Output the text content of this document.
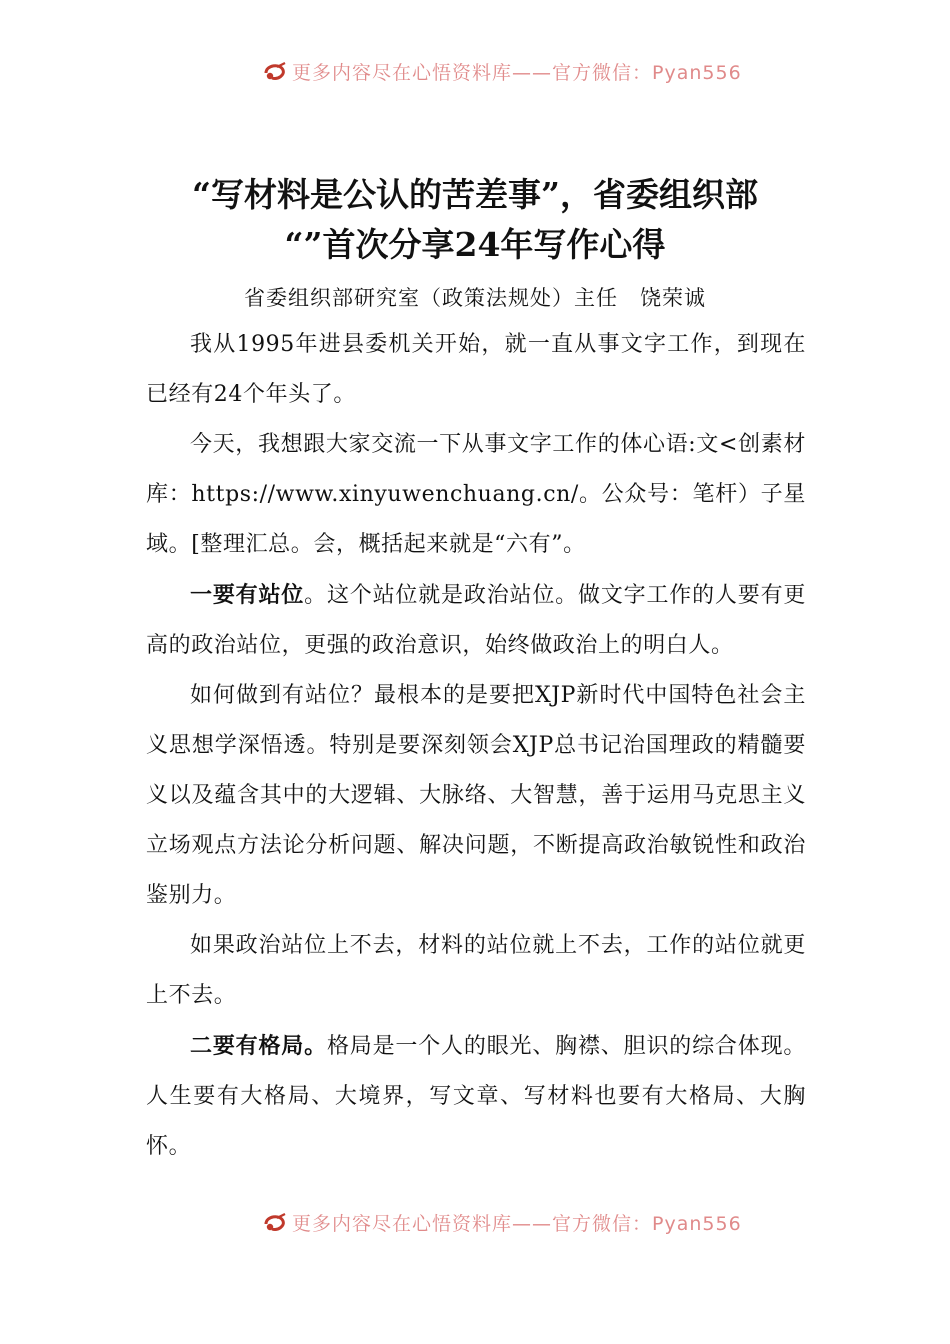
更多内容尽在心悟资料库——官方微信：Pyan556
“写材料是公认的苦差事”，省委组织部
“”首次分享24年写作心得
省委组织部研究室（政策法规处）主任　饶荣诚

我从1995年进县委机关开始，就一直从事文字工作，到现在已经有24个年头了。

今天，我想跟大家交流一下从事文字工作的体心语:文<创素材库：https://www.xinyuwenchuang.cn/。公众号：笔杆）子星域。[整理汇总。会，概括起来就是“六有”。

一要有站位。这个站位就是政治站位。做文字工作的人要有更高的政治站位，更强的政治意识，始终做政治上的明白人。

如何做到有站位？最根本的是要把XJP新时代中国特色社会主义思想学深悟透。特别是要深刻领会XJP总书记治国理政的精髓要义以及蕴含其中的大逻辑、大脉络、大智慧，善于运用马克思主义立场观点方法论分析问题、解决问题，不断提高政治敏锐性和政治鉴别力。

如果政治站位上不去，材料的站位就上不去，工作的站位就更上不去。

二要有格局。格局是一个人的眼光、胸襟、胆识的综合体现。人生要有大格局、大境界，写文章、写材料也要有大格局、大胸怀。

更多内容尽在心悟资料库——官方微信：Pyan556
